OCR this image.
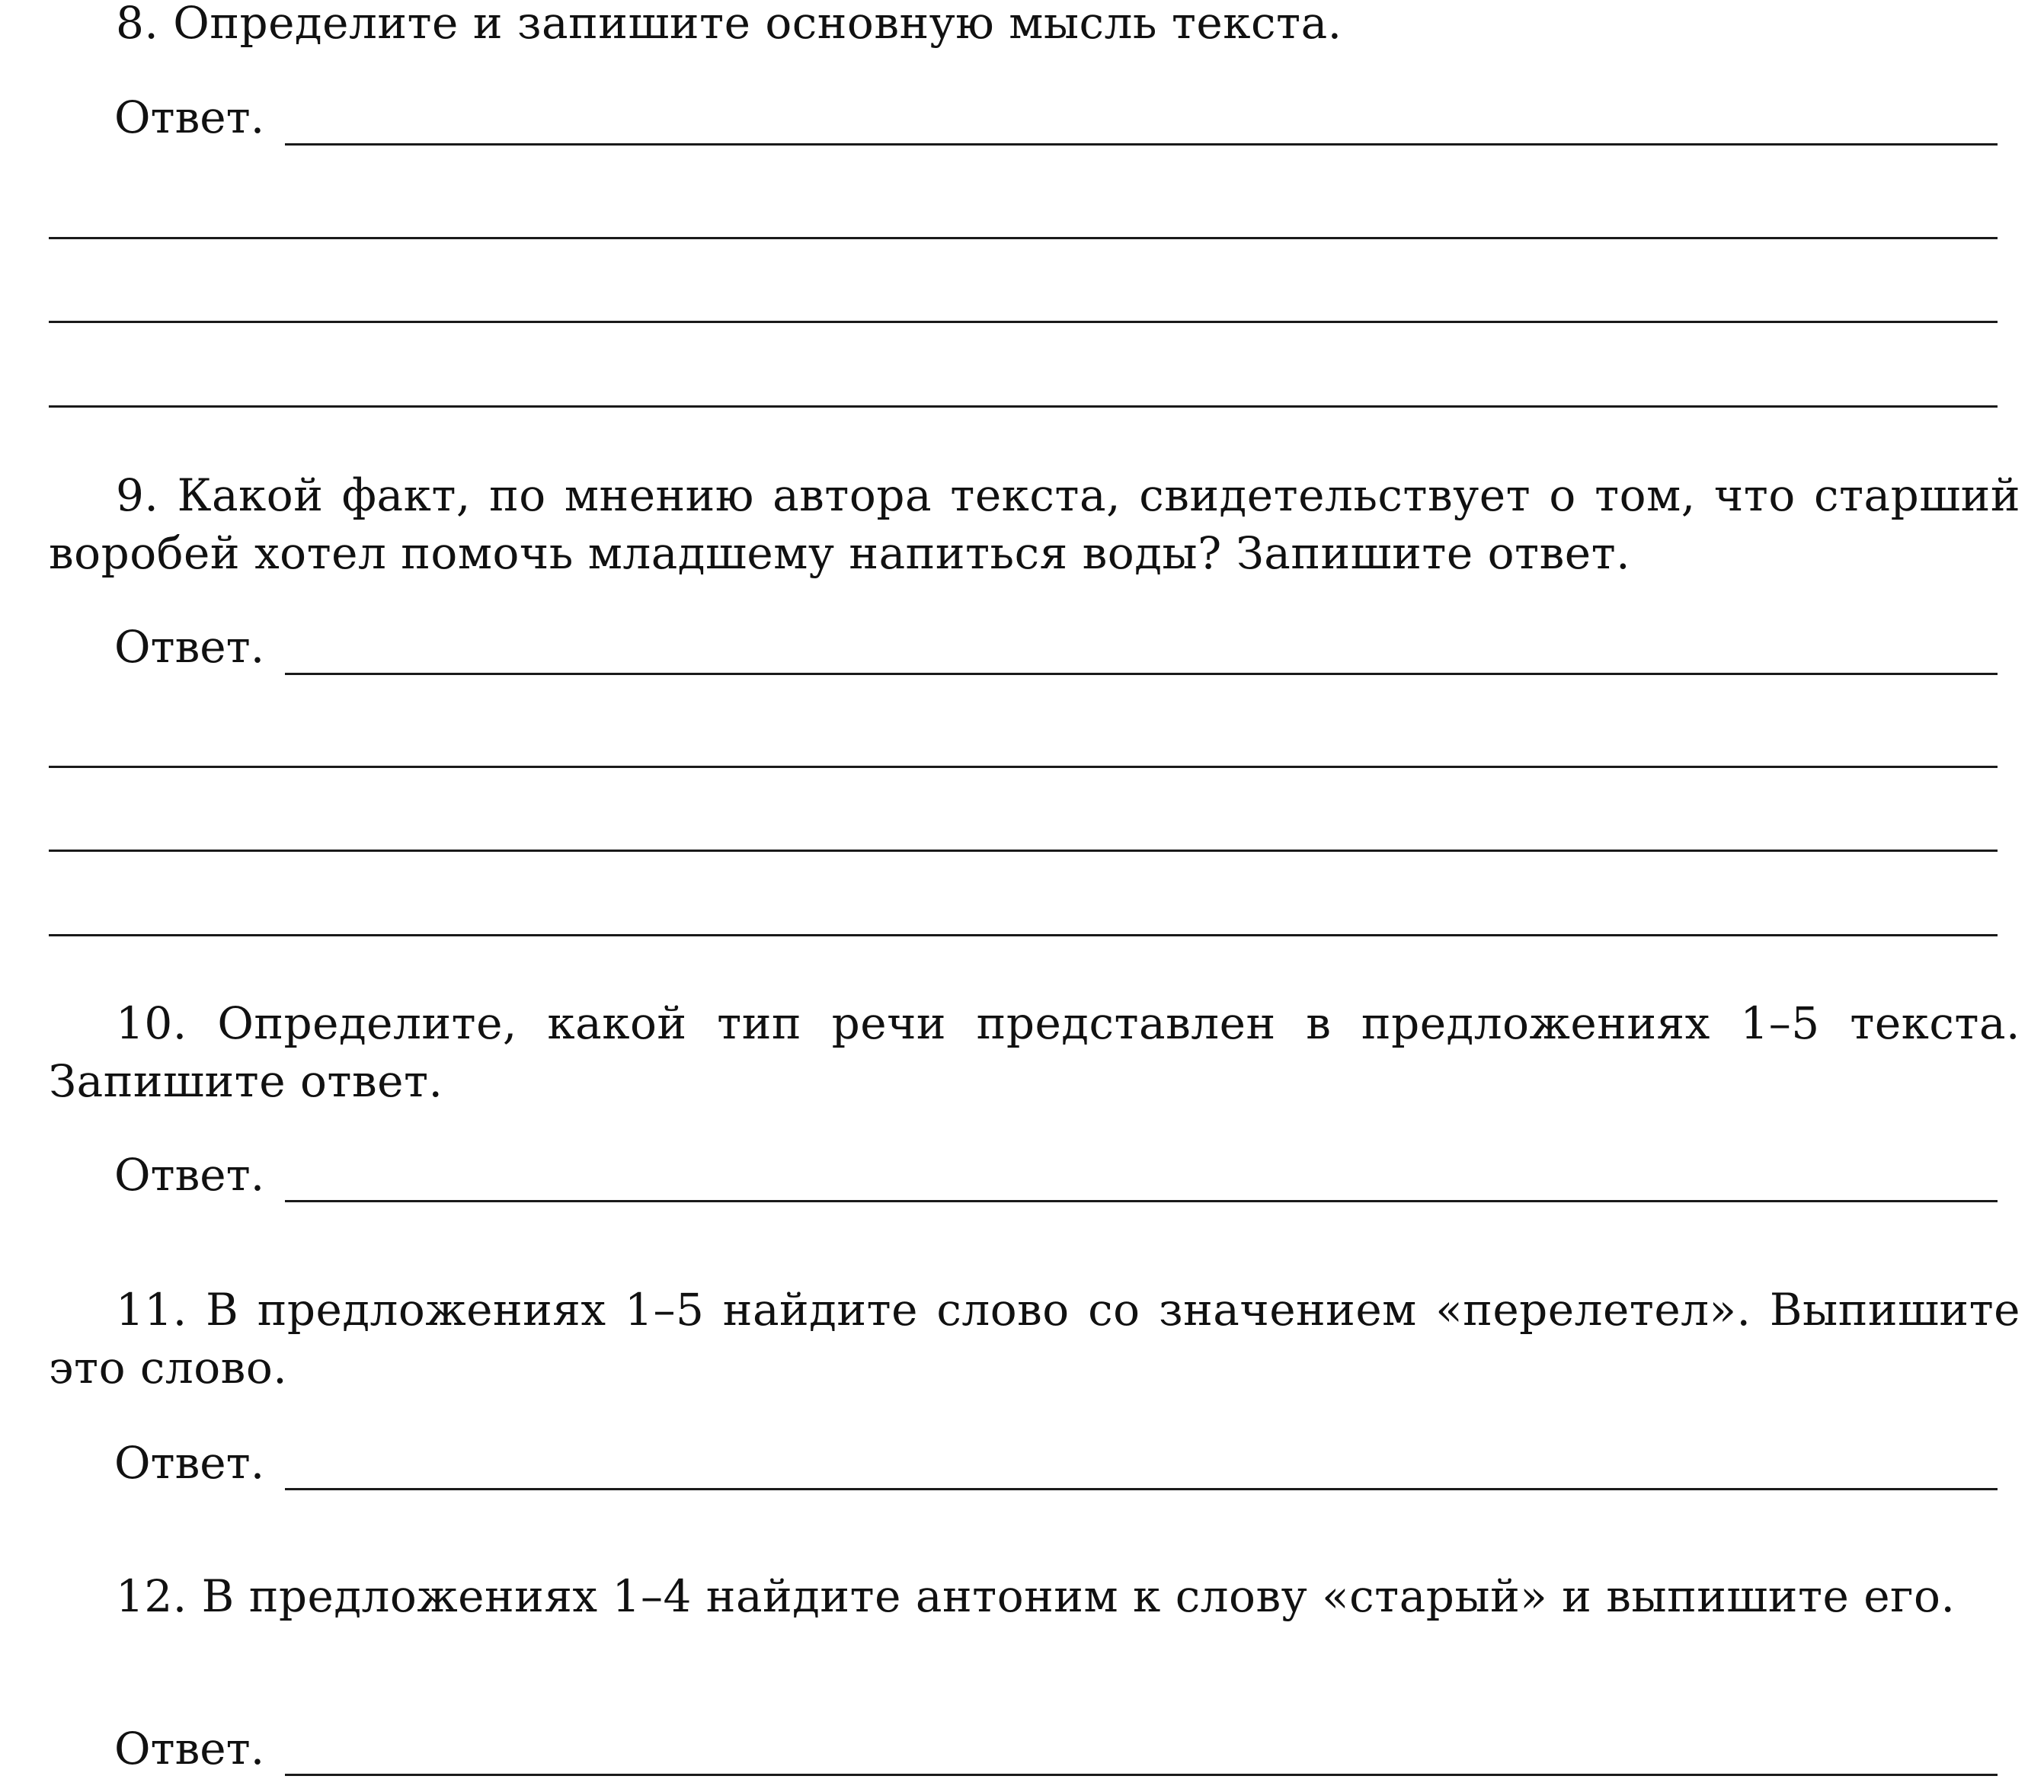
8. Определите и запишите основную мысль текста.

Ответ.

9. Какой факт, по мнению автора текста, свидетельствует о том, что старший воробей хотел помочь младшему напиться воды? Запишите ответ.

Ответ.

10. Определите, какой тип речи представлен в предложениях 1–5 текста. Запишите ответ.

Ответ.

11. В предложениях 1–5 найдите слово со значением «перелетел». Выпишите это слово.

Ответ.

12. В предложениях 1–4 найдите антоним к слову «старый» и выпишите его.

Ответ.
